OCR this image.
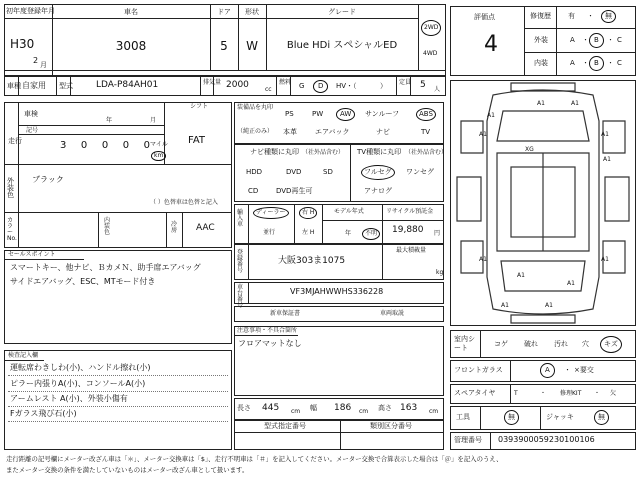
初年度登録年月
H30
2 月
車名
3008
ドア
5
形状
W
グレード
Blue HDi スペシャルED
2WD
4WD
車種 自家用 型式	LDA-P84AH01	排気量 2000	cc
燃料 G	D	HV・（	） 定員 5 人
車検
年	月
シフト
FAT
記号
走行	3 0 0 0 0 マイル
km
外装色
ブラック
（ ）色替車は色替と記入
カラーNo.
内装色
冷房	AAC
セールスポイント
スマートキー、他ナビ、ＢカメＮ、助手席エアバッグ
サイドエアバッグ、ESC、MTモード付き
検査記入欄
運転席わきしわ(小)、ハンドル擦れ(小)
ピラー内張りA(小)、コンソールA(小)
アームレスト A(小)、外装小傷有
Fガラス飛び石(小)
装備品を丸印
（純正のみ）
PS	PW	AW	サンルーフ	ABS
本革	エアバック	ナビ	TV
ナビ種類に丸印 （社外品含む）
HDD	DVD	SD
CD	DVD再生可
TV種類に丸印 （社外品含む）
フルセグ	ワンセグ
アナログ
輸入車
ディーラー
並行
右 H
左 H
モデル年式
年	不明
リサイクル預託金
19,880 円
登録番号
大阪303ま1075
最大積載量
kg
車台番号
VF3MJAHWWHS336228
新車保証書	車両取説
注意事項・不具合箇所
フロアマットなし
長さ 445 cm 幅 186 cm 高さ 163 cm
型式指定番号	類別区分番号
評価点
4
修復歴 有 ・	無
外装	A ・ B	・ C
内装	A ・ B	・ C
A1	A1
A1
A1	A1
XG
A1
A1
A1
A1
A1
A1
A1
室内シート
コゲ 破れ 汚れ 穴	キズ
フロントガラス	A	・ ×要交
スペアタイヤ	T	・ 修理KIT ・ 欠
工具	無	ジャッキ	無
管理番号 0393900059230100106
走行距離の記号欄にメーター改ざん車は「＊」、メーター交換車は「$」、走行不明車は「＃」を記入してください。メーター交換で合算表示した場合は「＠」を記入のうえ、
またメーター交換の条件を満たしていないものはメーター改ざん車として扱います。
